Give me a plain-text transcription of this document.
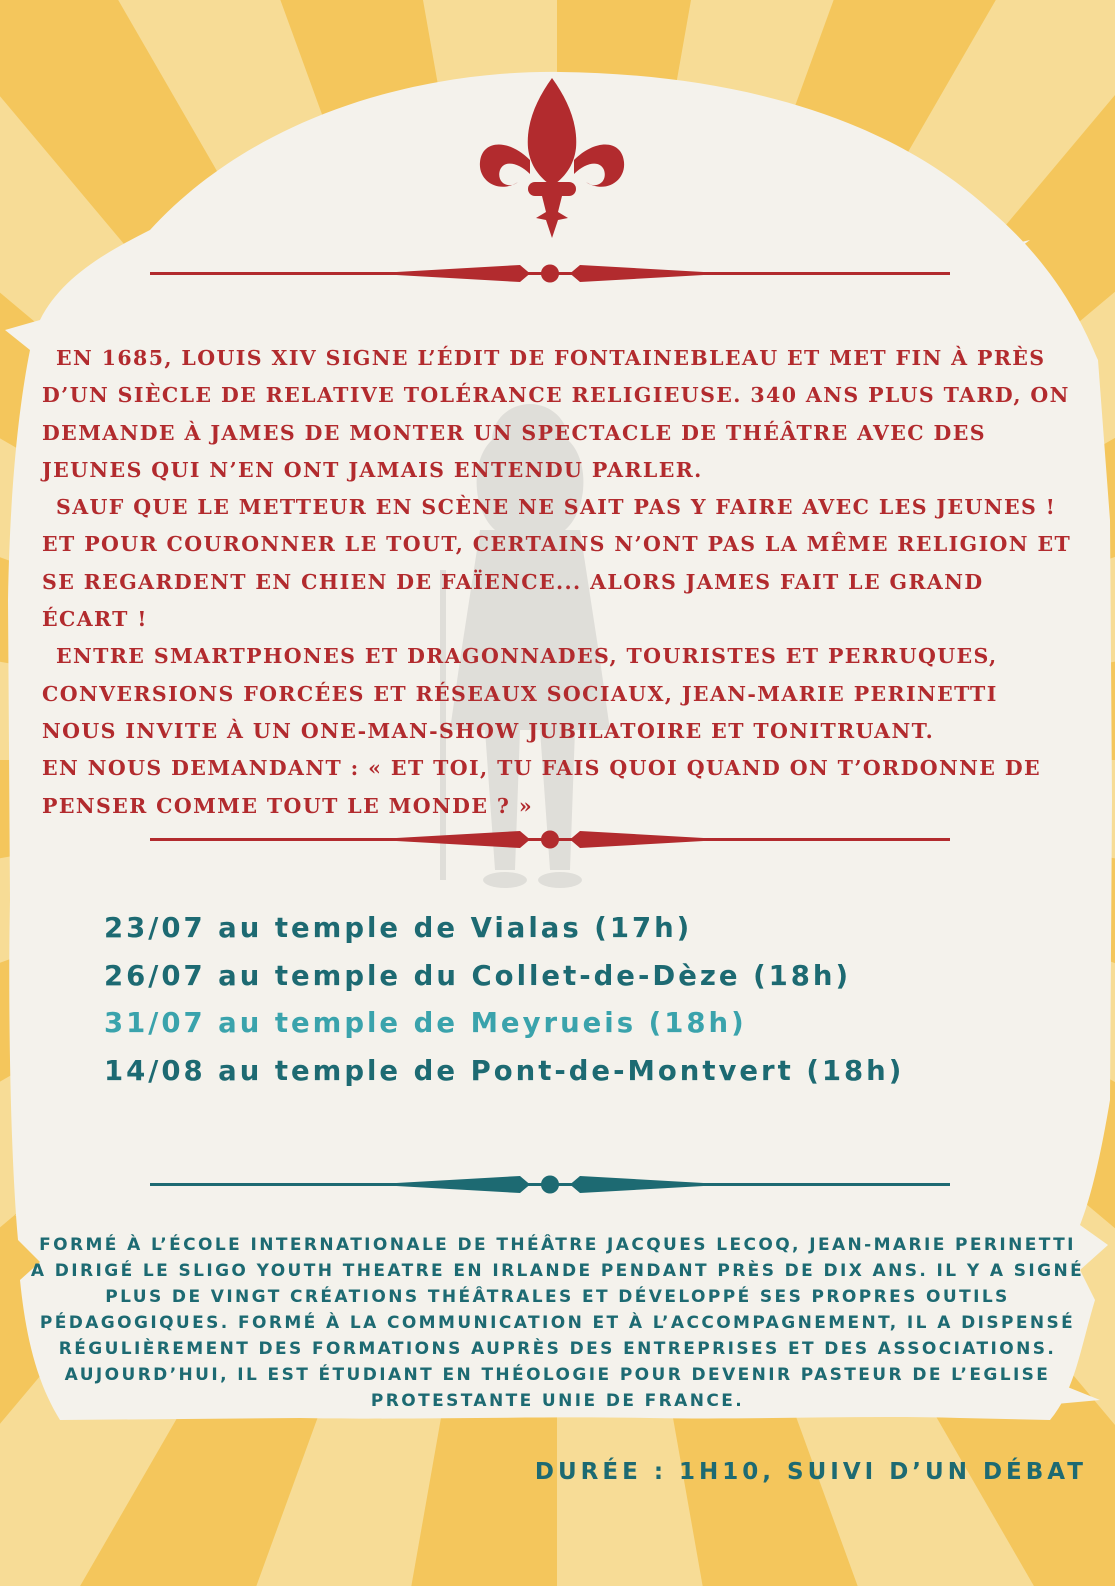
EN 1685, LOUIS XIV SIGNE L’ÉDIT DE FONTAINEBLEAU ET MET FIN À PRÈS D’UN SIÈCLE DE RELATIVE TOLÉRANCE RELIGIEUSE. 340 ANS PLUS TARD, ON DEMANDE À JAMES DE MONTER UN SPECTACLE DE THÉÂTRE AVEC DES JEUNES QUI N’EN ONT JAMAIS ENTENDU PARLER.

SAUF QUE LE METTEUR EN SCÈNE NE SAIT PAS Y FAIRE AVEC LES JEUNES ! ET POUR COURONNER LE TOUT, CERTAINS N’ONT PAS LA MÊME RELIGION ET SE REGARDENT EN CHIEN DE FAÏENCE... ALORS JAMES FAIT LE GRAND ÉCART !

ENTRE SMARTPHONES ET DRAGONNADES, TOURISTES ET PERRUQUES, CONVERSIONS FORCÉES ET RÉSEAUX SOCIAUX, JEAN-MARIE PERINETTI NOUS INVITE À UN ONE-MAN-SHOW JUBILATOIRE ET TONITRUANT.

EN NOUS DEMANDANT : « ET TOI, TU FAIS QUOI QUAND ON T’ORDONNE DE PENSER COMME TOUT LE MONDE ? »

23/07 au temple de Vialas (17h)
26/07 au temple du Collet-de-Dèze (18h)
31/07 au temple de Meyrueis (18h)
14/08 au temple de Pont-de-Montvert (18h)
FORMÉ À L’ÉCOLE INTERNATIONALE DE THÉÂTRE JACQUES LECOQ, JEAN-MARIE PERINETTI A DIRIGÉ LE SLIGO YOUTH THEATRE EN IRLANDE PENDANT PRÈS DE DIX ANS. IL Y A SIGNÉ PLUS DE VINGT CRÉATIONS THÉÂTRALES ET DÉVELOPPÉ SES PROPRES OUTILS PÉDAGOGIQUES. FORMÉ À LA COMMUNICATION ET À L’ACCOMPAGNEMENT, IL A DISPENSÉ RÉGULIÈREMENT DES FORMATIONS AUPRÈS DES ENTREPRISES ET DES ASSOCIATIONS. AUJOURD’HUI, IL EST ÉTUDIANT EN THÉOLOGIE POUR DEVENIR PASTEUR DE L’EGLISE PROTESTANTE UNIE DE FRANCE.
DURÉE : 1H10, SUIVI D’UN DÉBAT
